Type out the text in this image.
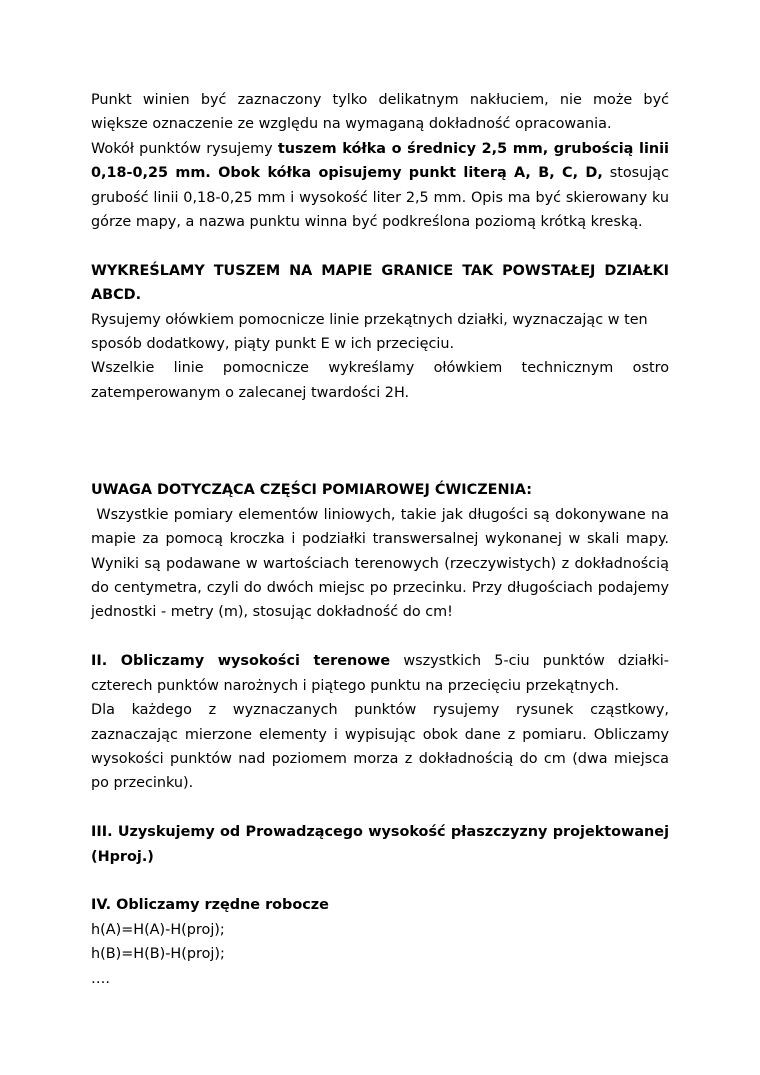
Punkt winien być zaznaczony tylko delikatnym nakłuciem, nie może być większe oznaczenie ze względu na wymaganą dokładność opracowania.

Wokół punktów rysujemy tuszem kółka o średnicy 2,5 mm, grubością linii 0,18-0,25 mm. Obok kółka opisujemy punkt literą A, B, C, D, stosując grubość linii 0,18-0,25 mm i wysokość liter 2,5 mm. Opis ma być skierowany ku górze mapy, a nazwa punktu winna być podkreślona poziomą krótką kreską.

WYKREŚLAMY TUSZEM NA MAPIE GRANICE TAK POWSTAŁEJ DZIAŁKI ABCD.

Rysujemy ołówkiem pomocnicze linie przekątnych działki, wyznaczając w ten

sposób dodatkowy, piąty punkt E w ich przecięciu.

Wszelkie linie pomocnicze wykreślamy ołówkiem technicznym ostro

zatemperowanym o zalecanej twardości 2H.

UWAGA DOTYCZĄCA CZĘŚCI POMIAROWEJ ĆWICZENIA:

Wszystkie pomiary elementów liniowych, takie jak długości są dokonywane na mapie za pomocą kroczka i podziałki transwersalnej wykonanej w skali mapy. Wyniki są podawane w wartościach terenowych (rzeczywistych) z dokładnością do centymetra, czyli do dwóch miejsc po przecinku. Przy długościach podajemy jednostki - metry (m), stosując dokładność do cm!

II. Obliczamy wysokości terenowe wszystkich 5-ciu punktów działki- czterech punktów narożnych i piątego punktu na przecięciu przekątnych.

Dla każdego z wyznaczanych punktów rysujemy rysunek cząstkowy, zaznaczając mierzone elementy i wypisując obok dane z pomiaru. Obliczamy wysokości punktów nad poziomem morza z dokładnością do cm (dwa miejsca po przecinku).

III. Uzyskujemy od Prowadzącego wysokość płaszczyzny projektowanej (Hproj.)

IV. Obliczamy rzędne robocze

h(A)=H(A)-H(proj);

h(B)=H(B)-H(proj);

….
